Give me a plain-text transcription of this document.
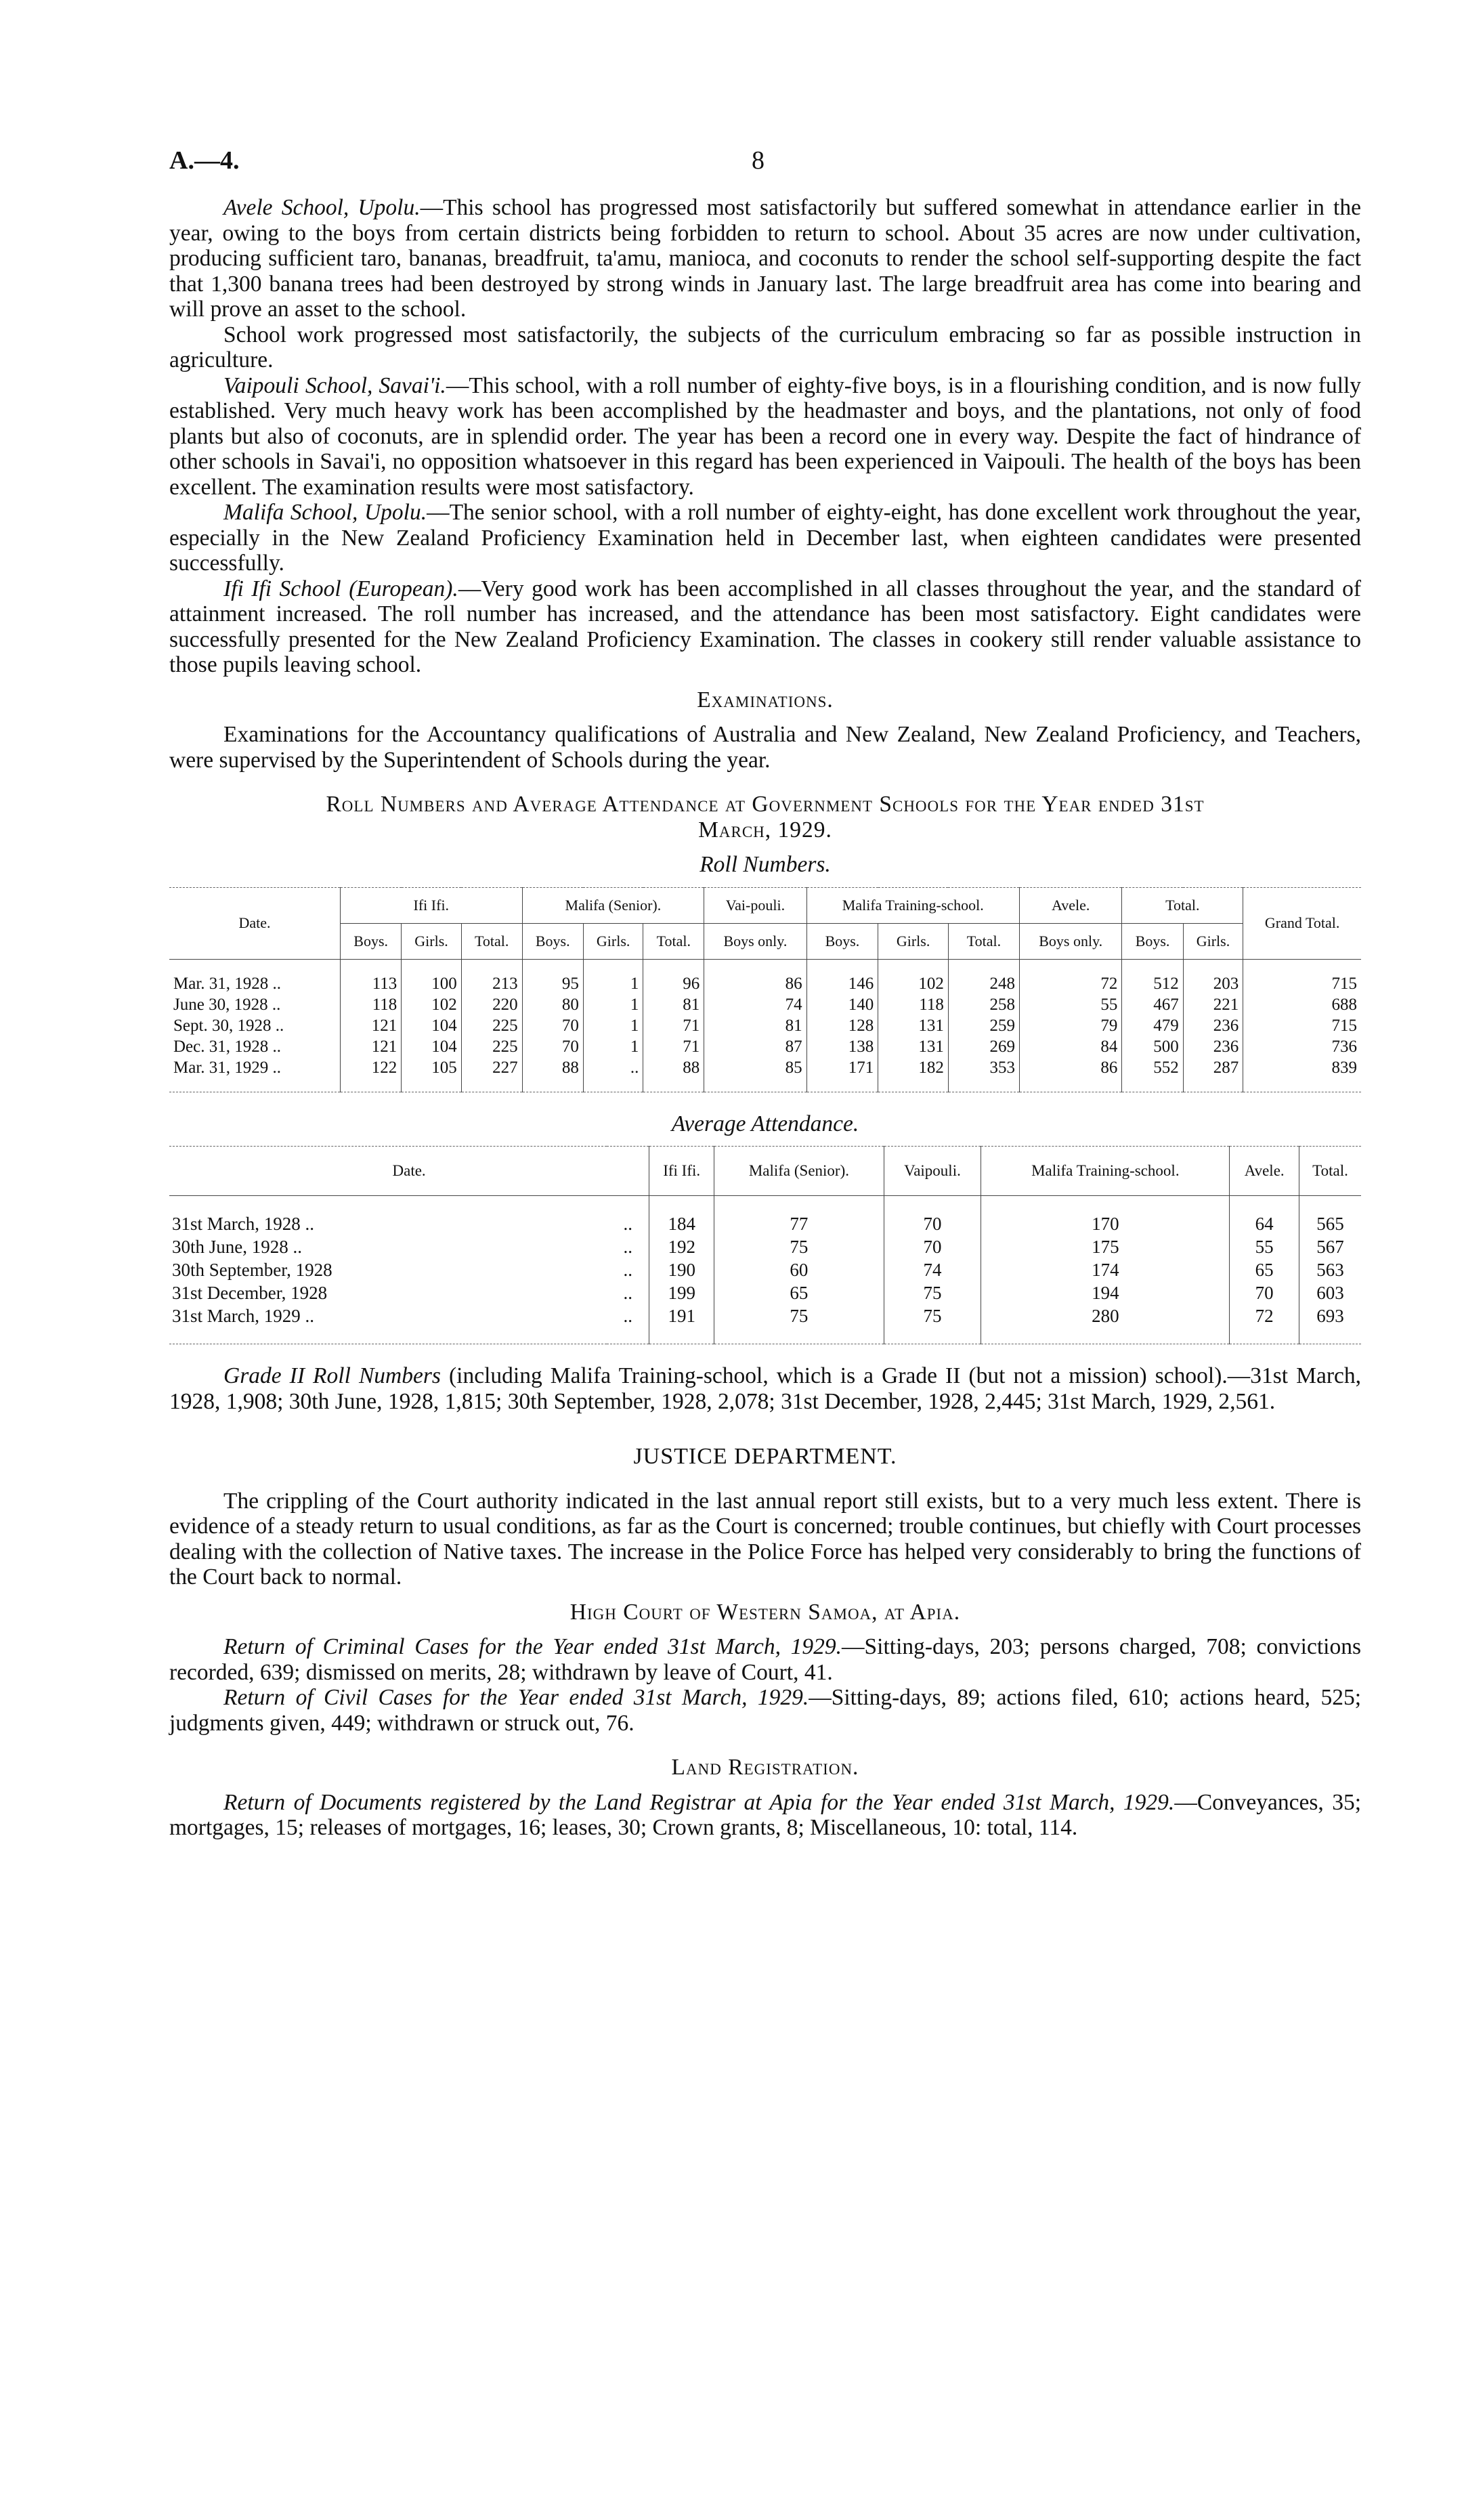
A.—4.	8

Avele School, Upolu.—This school has progressed most satisfactorily but suffered somewhat in attendance earlier in the year, owing to the boys from certain districts being forbidden to return to school. About 35 acres are now under cultivation, producing sufficient taro, bananas, breadfruit, ta'amu, manioca, and coconuts to render the school self-supporting despite the fact that 1,300 banana trees had been destroyed by strong winds in January last. The large breadfruit area has come into bearing and will prove an asset to the school.

School work progressed most satisfactorily, the subjects of the curriculum embracing so far as possible instruction in agriculture.

Vaipouli School, Savai'i.—This school, with a roll number of eighty-five boys, is in a flourishing condition, and is now fully established. Very much heavy work has been accomplished by the headmaster and boys, and the plantations, not only of food plants but also of coconuts, are in splendid order. The year has been a record one in every way. Despite the fact of hindrance of other schools in Savai'i, no opposition whatsoever in this regard has been experienced in Vaipouli. The health of the boys has been excellent. The examination results were most satisfactory.

Malifa School, Upolu.—The senior school, with a roll number of eighty-eight, has done excellent work throughout the year, especially in the New Zealand Proficiency Examination held in December last, when eighteen candidates were presented successfully.

Ifi Ifi School (European).—Very good work has been accomplished in all classes throughout the year, and the standard of attainment increased. The roll number has increased, and the attendance has been most satisfactory. Eight candidates were successfully presented for the New Zealand Proficiency Examination. The classes in cookery still render valuable assistance to those pupils leaving school.

Examinations.

Examinations for the Accountancy qualifications of Australia and New Zealand, New Zealand Proficiency, and Teachers, were supervised by the Superintendent of Schools during the year.

Roll Numbers and Average Attendance at Government Schools for the Year ended 31st

March, 1929.

Roll Numbers.

Date.	Ifi Ifi.			Malifa (Senior).			Vai-pouli.	Malifa Training-school.			Avele.	Total.		Grand Total.
	Boys.	Girls.	Total.	Boys.	Girls.	Total.	Boys only.	Boys.	Girls.	Total.	Boys only.	Boys.	Girls.	

Mar. 31, 1928 ..	113	100	213	95	1	96	86	146	102	248	72	512	203	715
June 30, 1928 ..	118	102	220	80	1	81	74	140	118	258	55	467	221	688
Sept. 30, 1928 ..	121	104	225	70	1	71	81	128	131	259	79	479	236	715
Dec. 31, 1928 ..	121	104	225	70	1	71	87	138	131	269	84	500	236	736
Mar. 31, 1929 ..	122	105	227	88	..	88	85	171	182	353	86	552	287	839

Average Attendance.

Date.		Ifi Ifi.	Malifa (Senior).	Vaipouli.	Malifa Training-school.	Avele.	Total.

31st March, 1928 ..	..	184	77	70	170	64	565
30th June, 1928 ..	..	192	75	70	175	55	567
30th September, 1928	..	190	60	74	174	65	563
31st December, 1928	..	199	65	75	194	70	603
31st March, 1929 ..	..	191	75	75	280	72	693

Grade II Roll Numbers (including Malifa Training-school, which is a Grade II (but not a mission) school).—31st March, 1928, 1,908; 30th June, 1928, 1,815; 30th September, 1928, 2,078; 31st December, 1928, 2,445; 31st March, 1929, 2,561.

JUSTICE DEPARTMENT.

The crippling of the Court authority indicated in the last annual report still exists, but to a very much less extent. There is evidence of a steady return to usual conditions, as far as the Court is concerned; trouble continues, but chiefly with Court processes dealing with the collection of Native taxes. The increase in the Police Force has helped very considerably to bring the functions of the Court back to normal.

High Court of Western Samoa, at Apia.

Return of Criminal Cases for the Year ended 31st March, 1929.—Sitting-days, 203; persons charged, 708; convictions recorded, 639; dismissed on merits, 28; withdrawn by leave of Court, 41.

Return of Civil Cases for the Year ended 31st March, 1929.—Sitting-days, 89; actions filed, 610; actions heard, 525; judgments given, 449; withdrawn or struck out, 76.

Land Registration.

Return of Documents registered by the Land Registrar at Apia for the Year ended 31st March, 1929.—Conveyances, 35; mortgages, 15; releases of mortgages, 16; leases, 30; Crown grants, 8; Miscellaneous, 10: total, 114.
